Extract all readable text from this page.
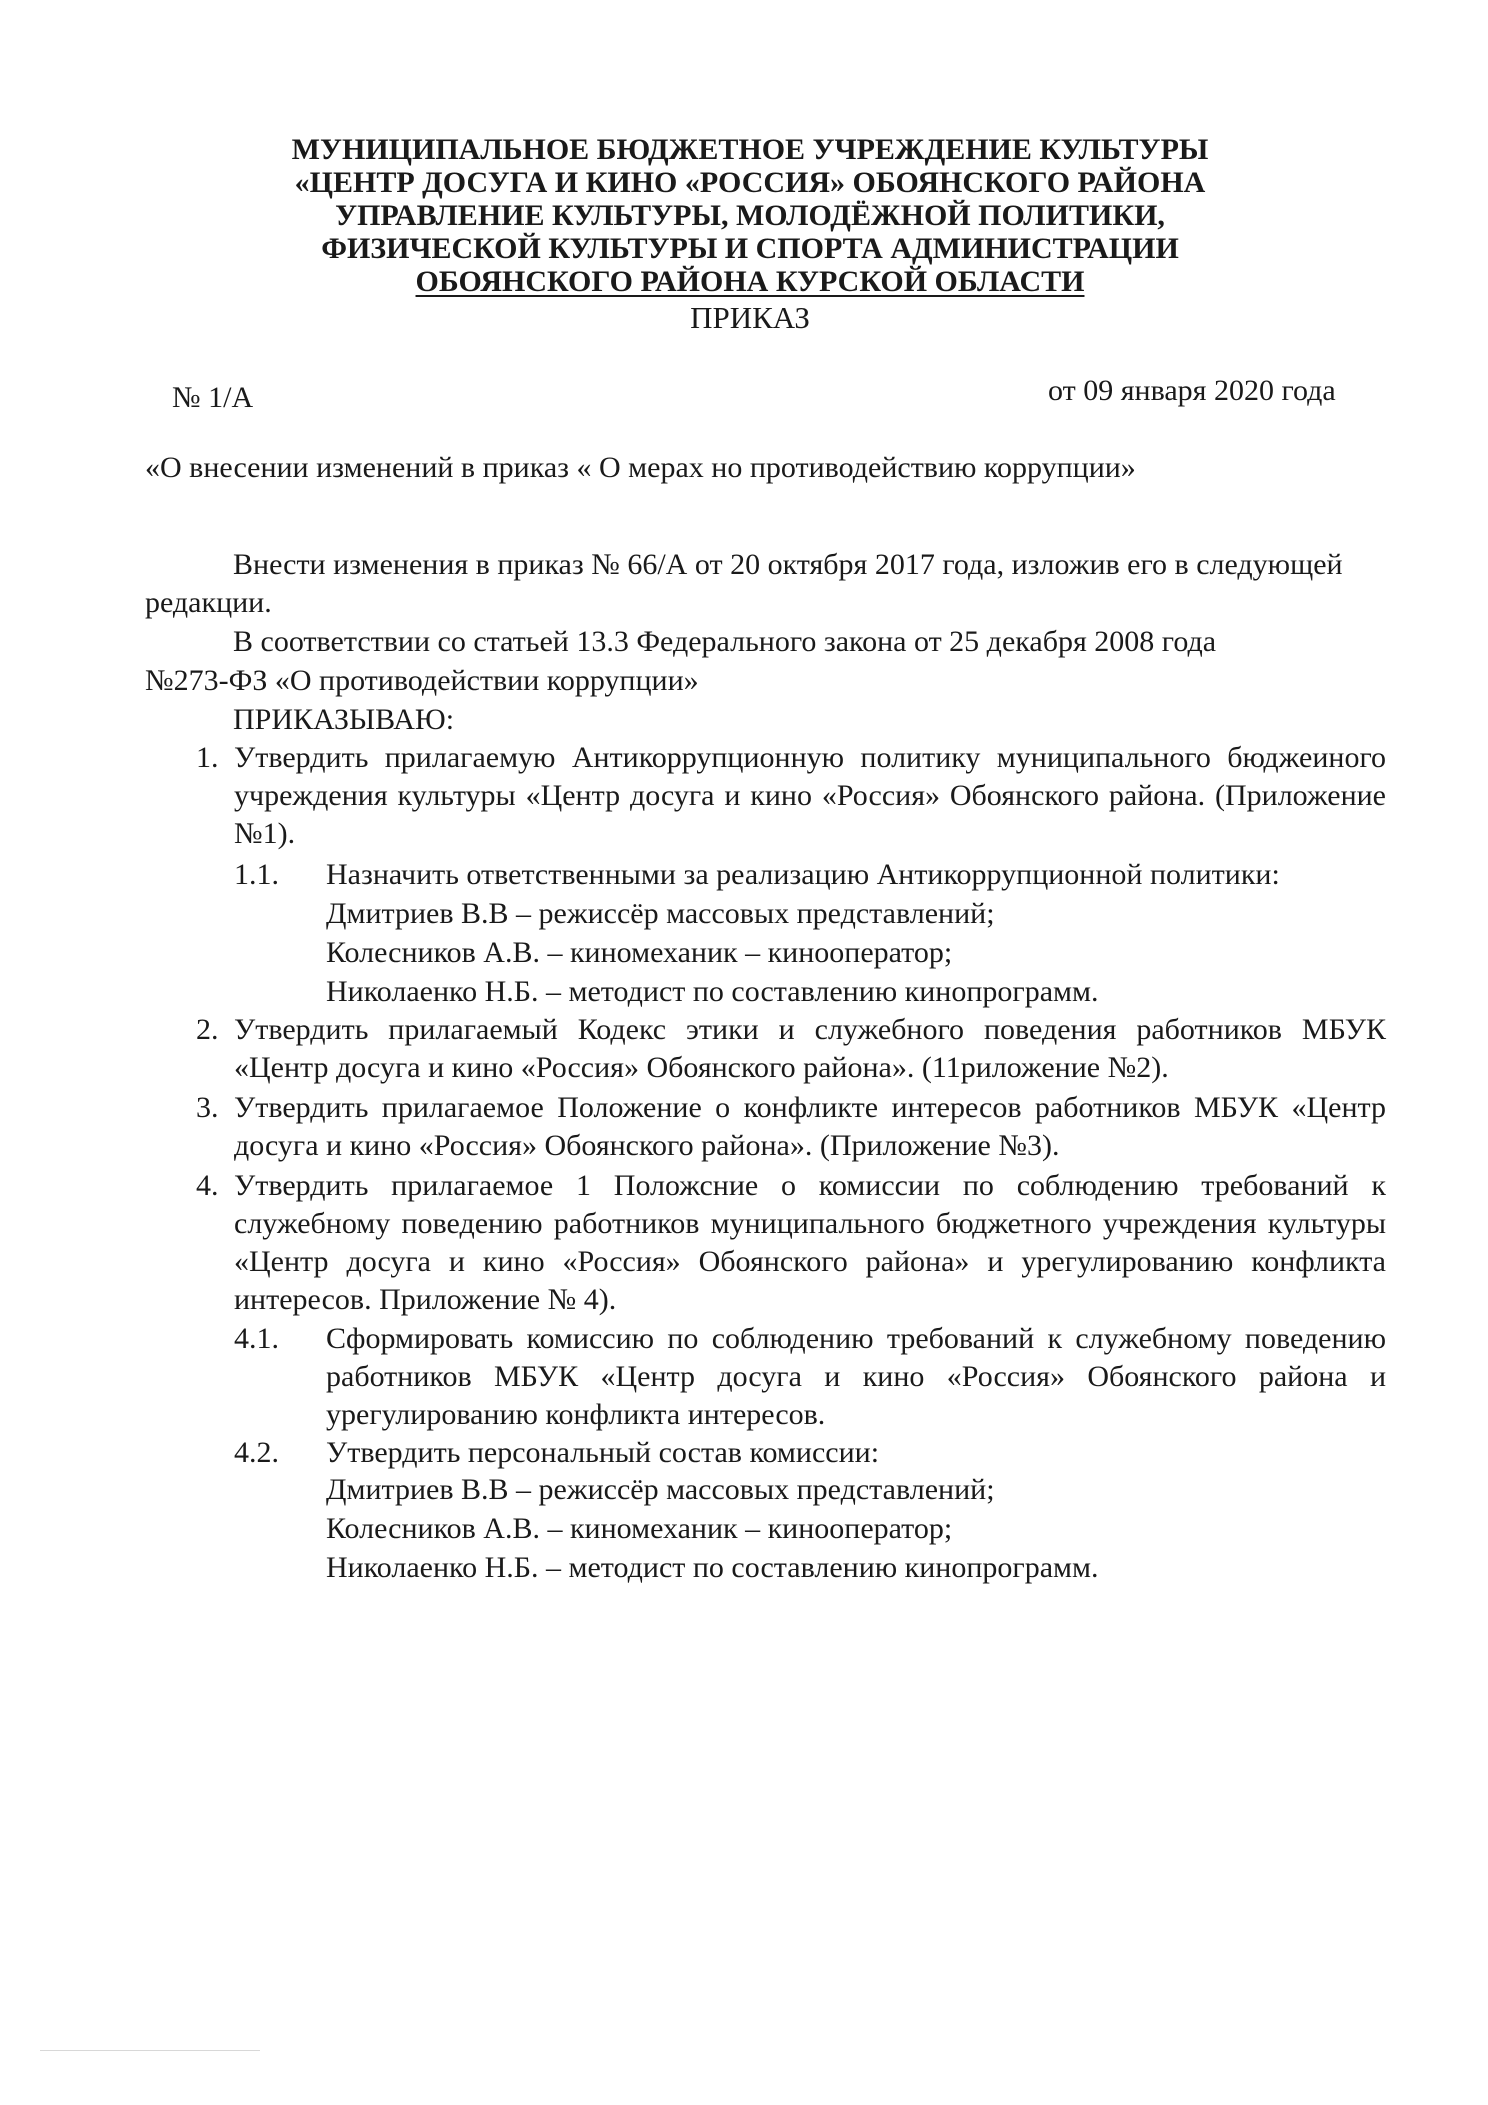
МУНИЦИПАЛЬНОЕ БЮДЖЕТНОЕ УЧРЕЖДЕНИЕ КУЛЬТУРЫ
«ЦЕНТР ДОСУГА И КИНО «РОССИЯ» ОБОЯНСКОГО РАЙОНА
УПРАВЛЕНИЕ КУЛЬТУРЫ, МОЛОДЁЖНОЙ ПОЛИТИКИ,
ФИЗИЧЕСКОЙ КУЛЬТУРЫ И СПОРТА АДМИНИСТРАЦИИ
ОБОЯНСКОГО РАЙОНА КУРСКОЙ ОБЛАСТИ
ПРИКАЗ
№ 1/А	от 09 января 2020 года
«О внесении изменений в приказ « О мерах но противодействию коррупции»
Внести изменения в приказ № 66/А от 20 октября 2017 года, изложив его в следующей редакции.
В соответствии со статьей 13.3 Федерального закона от 25 декабря 2008 года
№273-ФЗ «О противодействии коррупции»
ПРИКАЗЫВАЮ:
1. Утвердить прилагаемую Антикоррупционную политику муниципального бюджеиного учреждения культуры «Центр досуга и кино «Россия» Обоянского района. (Приложение №1).
1.1. Назначить ответственными за реализацию Антикоррупционной политики:
Дмитриев В.В – режиссёр массовых представлений;
Колесников А.В. – киномеханик – кинооператор;
Николаенко Н.Б. – методист по составлению кинопрограмм.
2. Утвердить прилагаемый Кодекс этики и служебного поведения работников МБУК «Центр досуга и кино «Россия» Обоянского района». (11риложение №2).
3. Утвердить прилагаемое Положение о конфликте интересов работников МБУК «Центр досуга и кино «Россия» Обоянского района». (Приложение №3).
4. Утвердить прилагаемое 1 Положсние о комиссии по соблюдению требований к служебному поведению работников муниципального бюджетного учреждения культуры «Центр досуга и кино «Россия» Обоянского района» и урегулированию конфликта интересов. Приложение № 4).
4.1. Сформировать комиссию по соблюдению требований к служебному поведению работников МБУК «Центр досуга и кино «Россия» Обоянского района и урегулированию конфликта интересов.
4.2. Утвердить персональный состав комиссии:
Дмитриев В.В – режиссёр массовых представлений;
Колесников А.В. – киномеханик – кинооператор;
Николаенко Н.Б. – методист по составлению кинопрограмм.
